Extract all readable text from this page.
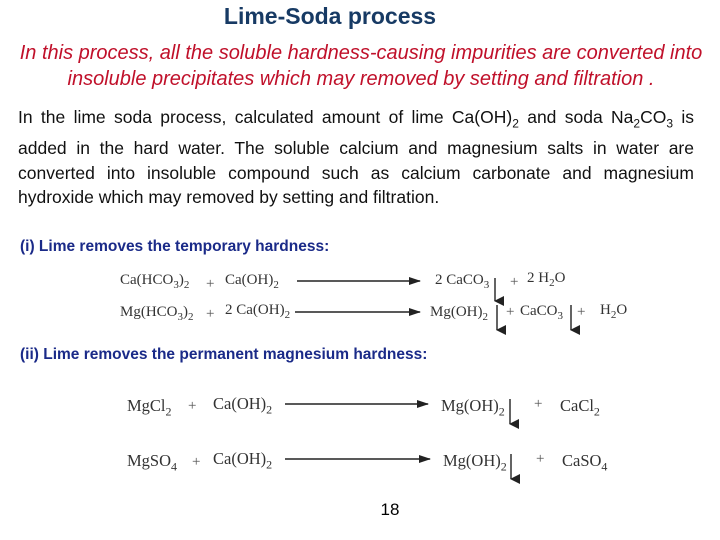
Lime-Soda process
In this process, all the soluble hardness-causing impurities are converted into insoluble precipitates which may removed by setting and filtration .
In the lime soda process, calculated amount of lime $Ca(OH)_2$ and soda $Na_2CO_3$ is added in the hard water. The soluble calcium and magnesium salts in water are converted into insoluble compound such as calcium carbonate and magnesium hydroxide which may removed by setting and filtration.
(i) Lime removes the temporary hardness:
$Ca(HCO_3)_2 + Ca(OH)_2$	2 CaCO$_3$ + 2 $H_2O$
$Mg(HCO_3)_2 + 2$ $Ca(OH)_2$	$Mg(OH)_2$ + CaCO$_3$ + $H_2O$
(ii) Lime removes the permanent magnesium hardness:
MgCl$_2$ + $Ca(OH)_2$	$Mg(OH)_2$ + CaCl$_2$
MgSO$_4$ + $Ca(OH)_2$	$Mg(OH)_2$ + CaSO$_4$
18
